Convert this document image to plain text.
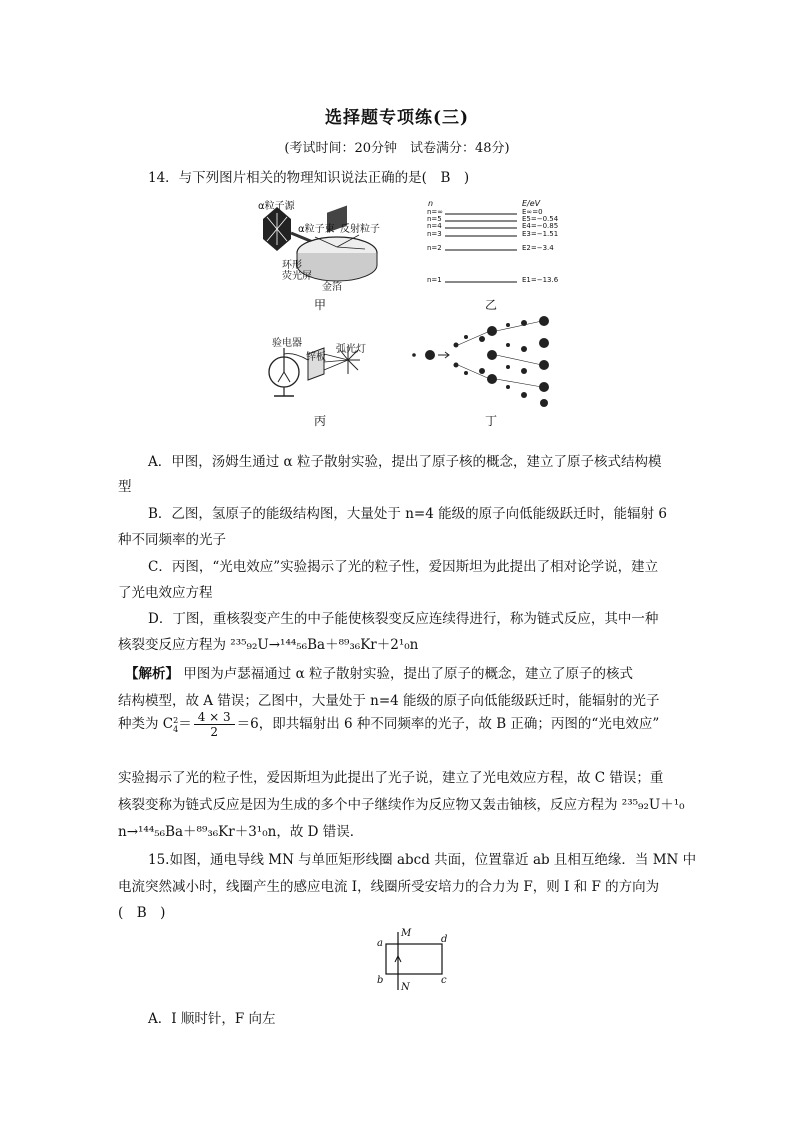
选择题专项练(三)
(考试时间：20分钟　试卷满分：48分)
14．与下列图片相关的物理知识说法正确的是(　B　)
α粒子源
α粒子束 反射粒子
环形
荧光屏
金箔
甲
n	E/eV
n=∞
n=5
n=4
n=3
n=2
n=1
E∞=0
E5=−0.54
E4=−0.85
E3=−1.51
E2=−3.4
E1=−13.6
乙
验电器
锌板
弧光灯
丙	丁
A．甲图，汤姆生通过 α 粒子散射实验，提出了原子核的概念，建立了原子核式结构模
型
B．乙图，氢原子的能级结构图，大量处于 n=4 能级的原子向低能级跃迁时，能辐射 6
种不同频率的光子
C．丙图，“光电效应”实验揭示了光的粒子性，爱因斯坦为此提出了相对论学说，建立
了光电效应方程
D．丁图，重核裂变产生的中子能使核裂变反应连续得进行，称为链式反应，其中一种
核裂变反应方程为 ²³⁵₉₂U→¹⁴⁴₅₆Ba＋⁸⁹₃₆Kr＋2¹₀n
【解析】 甲图为卢瑟福通过 α 粒子散射实验，提出了原子的概念，建立了原子的核式
结构模型，故 A 错误；乙图中，大量处于 n=4 能级的原子向低能级跃迁时，能辐射的光子
种类为 C 2
$4 = \frac{4 \times 3}{2} =6$，即共辐射出 6 种不同频率的光子，故 B 正确；丙图的“光电效应”
实验揭示了光的粒子性，爱因斯坦为此提出了光子说，建立了光电效应方程，故 C 错误；重
核裂变称为链式反应是因为生成的多个中子继续作为反应物又轰击铀核，反应方程为 ²³⁵₉₂U＋¹₀
n→¹⁴⁴₅₆Ba＋⁸⁹₃₆Kr＋3¹₀n，故 D 错误．
15.如图，通电导线 MN 与单匝矩形线圈 abcd 共面，位置靠近 ab 且相互绝缘．当 MN 中
电流突然减小时，线圈产生的感应电流 I，线圈所受安培力的合力为 F，则 I 和 F 的方向为
(　B　)
M
N
a
b	c
d
A．I 顺时针，F 向左
